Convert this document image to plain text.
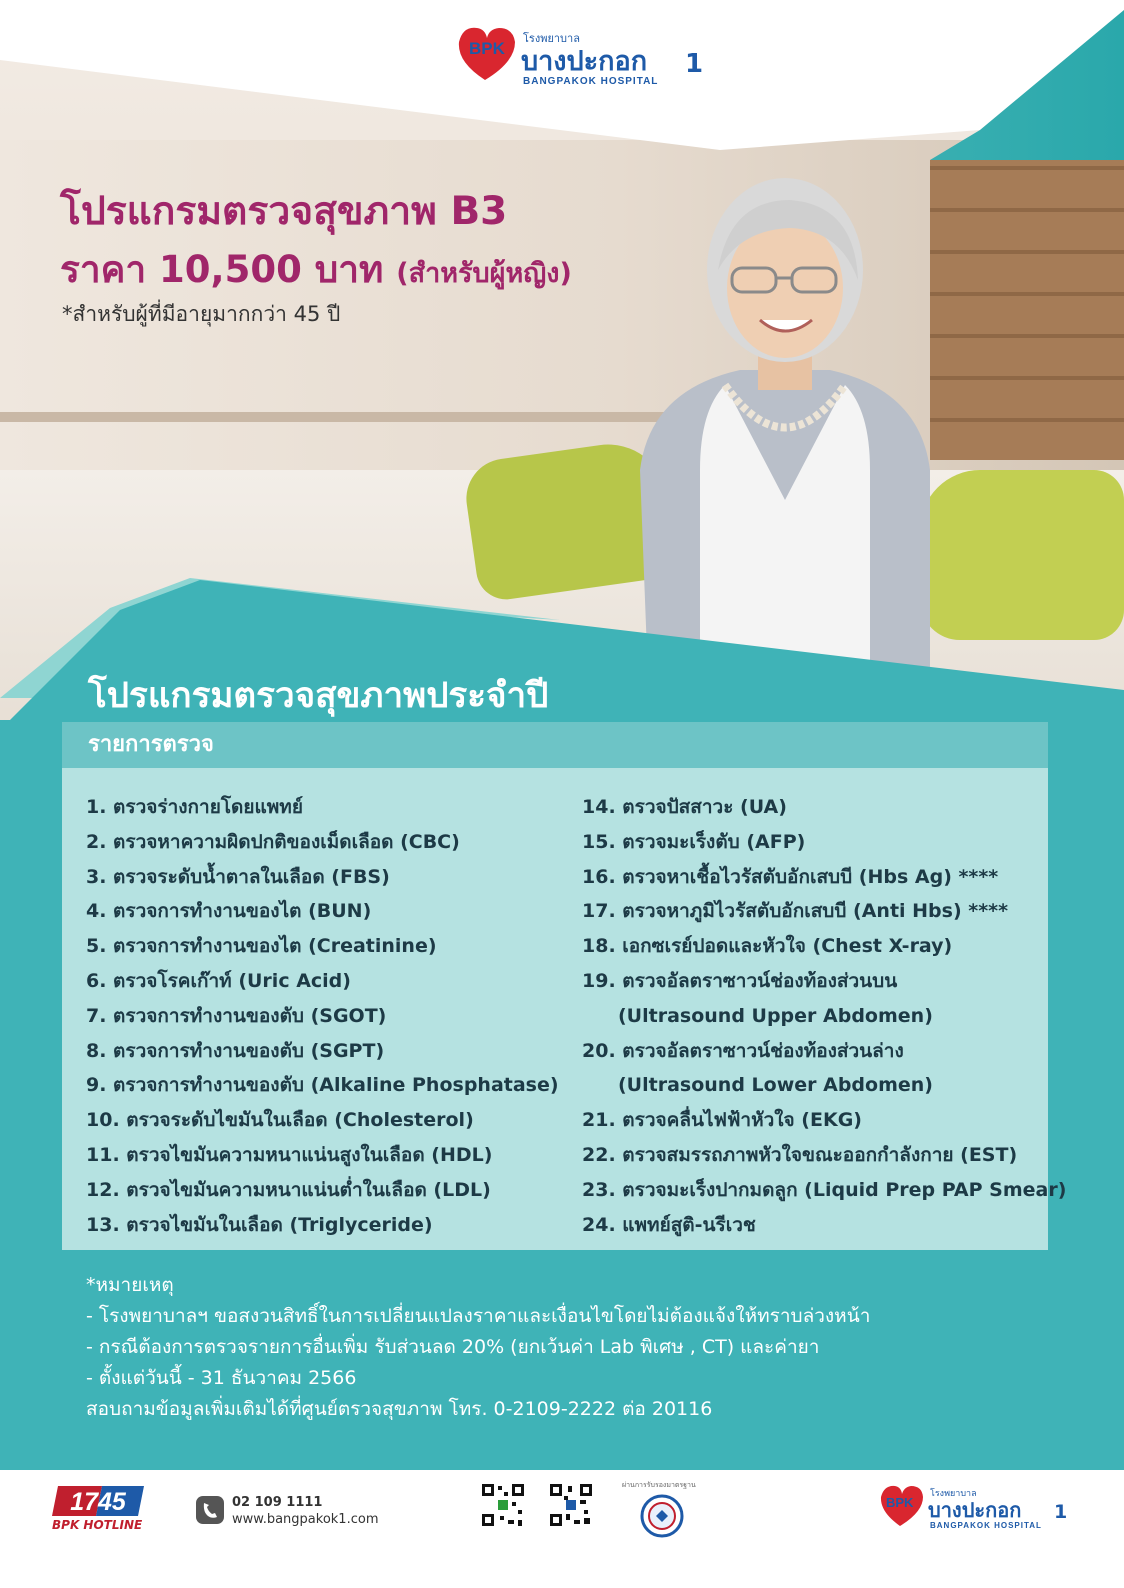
BPK
โรงพยาบาล
บางปะกอก 1
BANGPAKOK HOSPITAL
โปรแกรมตรวจสุขภาพ B3
ราคา 10,500 บาท (สำหรับผู้หญิง)
*สำหรับผู้ที่มีอายุมากกว่า 45 ปี
โปรแกรมตรวจสุขภาพประจำปี
รายการตรวจ
1. ตรวจร่างกายโดยแพทย์
2. ตรวจหาความผิดปกติของเม็ดเลือด (CBC)
3. ตรวจระดับน้ำตาลในเลือด (FBS)
4. ตรวจการทำงานของไต (BUN)
5. ตรวจการทำงานของไต (Creatinine)
6. ตรวจโรคเก๊าท์ (Uric Acid)
7. ตรวจการทำงานของตับ (SGOT)
8. ตรวจการทำงานของตับ (SGPT)
9. ตรวจการทำงานของตับ (Alkaline Phosphatase)
10. ตรวจระดับไขมันในเลือด (Cholesterol)
11. ตรวจไขมันความหนาแน่นสูงในเลือด (HDL)
12. ตรวจไขมันความหนาแน่นต่ำในเลือด (LDL)
13. ตรวจไขมันในเลือด (Triglyceride)
14. ตรวจปัสสาวะ (UA)
15. ตรวจมะเร็งตับ (AFP)
16. ตรวจหาเชื้อไวรัสตับอักเสบบี (Hbs Ag) ****
17. ตรวจหาภูมิไวรัสตับอักเสบบี (Anti Hbs) ****
18. เอกซเรย์ปอดและหัวใจ (Chest X-ray)
19. ตรวจอัลตราซาวน์ช่องท้องส่วนบน
(Ultrasound Upper Abdomen)
20. ตรวจอัลตราซาวน์ช่องท้องส่วนล่าง
(Ultrasound Lower Abdomen)
21. ตรวจคลื่นไฟฟ้าหัวใจ (EKG)
22. ตรวจสมรรถภาพหัวใจขณะออกกำลังกาย (EST)
23. ตรวจมะเร็งปากมดลูก (Liquid Prep PAP Smear)
24. แพทย์สูติ-นรีเวช
*หมายเหตุ
- โรงพยาบาลฯ ขอสงวนสิทธิ์ในการเปลี่ยนแปลงราคาและเงื่อนไขโดยไม่ต้องแจ้งให้ทราบล่วงหน้า
- กรณีต้องการตรวจรายการอื่นเพิ่ม รับส่วนลด 20% (ยกเว้นค่า Lab พิเศษ , CT) และค่ายา
- ตั้งแต่วันนี้ - 31 ธันวาคม 2566
สอบถามข้อมูลเพิ่มเติมได้ที่ศูนย์ตรวจสุขภาพ โทร. 0-2109-2222 ต่อ 20116
1745
BPK HOTLINE
02 109 1111
www.bangpakok1.com
ผ่านการรับรองมาตรฐาน
BPK
โรงพยาบาล
บางปะกอก 1
BANGPAKOK HOSPITAL
